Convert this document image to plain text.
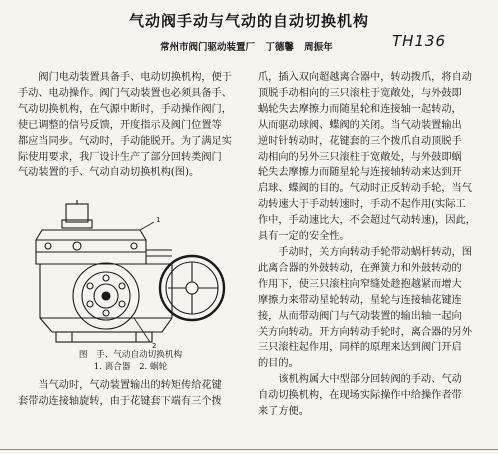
气动阀手动与气动的自动切换机构
常州市阀门驱动装置厂 丁德馨 周振年	TH136

阀门电动装置具备手、电动切换机构，便于

手动、电动操作。阀门气动装置也必须具备手、

气动切换机构，在气源中断时，手动操作阀门，

使已调整的信号反馈，开度指示及阀门位置等

都应当同步。气动时，手动能脱开。为了满足实

际使用要求，我厂设计生产了部分回转类阀门

气动装置的手、气动自动切换机构(图)。

1
2
图　手、气动自动切换机构
1. 离合器　2. 蜗轮

当气动时，气动装置输出的转矩传给花键

套带动连接轴旋转，由于花键套下端有三个拨

爪，插入双向超越离合器中，转动拨爪，将自动

顶脱手动相向的三只滚柱于宽敞处，与外鼓即

蜗轮失去摩擦力而随星轮和连接轴一起转动，

从而驱动球阀、蝶阀的关闭。当气动装置输出

逆时针转动时，花键套的三个拨爪自动顶脱手

动相向的另外三只滚柱于宽敞处，与外鼓即蜗

轮失去摩擦力而随星轮与连接轴转动来达到开

启球、蝶阀的目的。气动时正反转动手轮，当气

动转速大于手动转速时，手动不起作用(实际工

作中，手动速比大，不会超过气动转速)，因此，

具有一定的安全性。

手动时，关方向转动手轮带动蜗杆转动，图

此离合器的外鼓转动，在弹簧力和外鼓转动的

作用下，使三只滚柱向窄缝处趁抱越紧而增大

摩擦力来带动星轮转动，星轮与连接轴花键连

接，从而带动阀门与气动装置的输出轴一起向

关方向转动。开方向转动手轮时，离合器的另外

三只滚柱起作用，同样的原理来达到阀门开启

的目的。

该机构属大中型部分回转阀的手动、气动

自动切换机构，在现场实际操作中给操作者带

来了方便。
